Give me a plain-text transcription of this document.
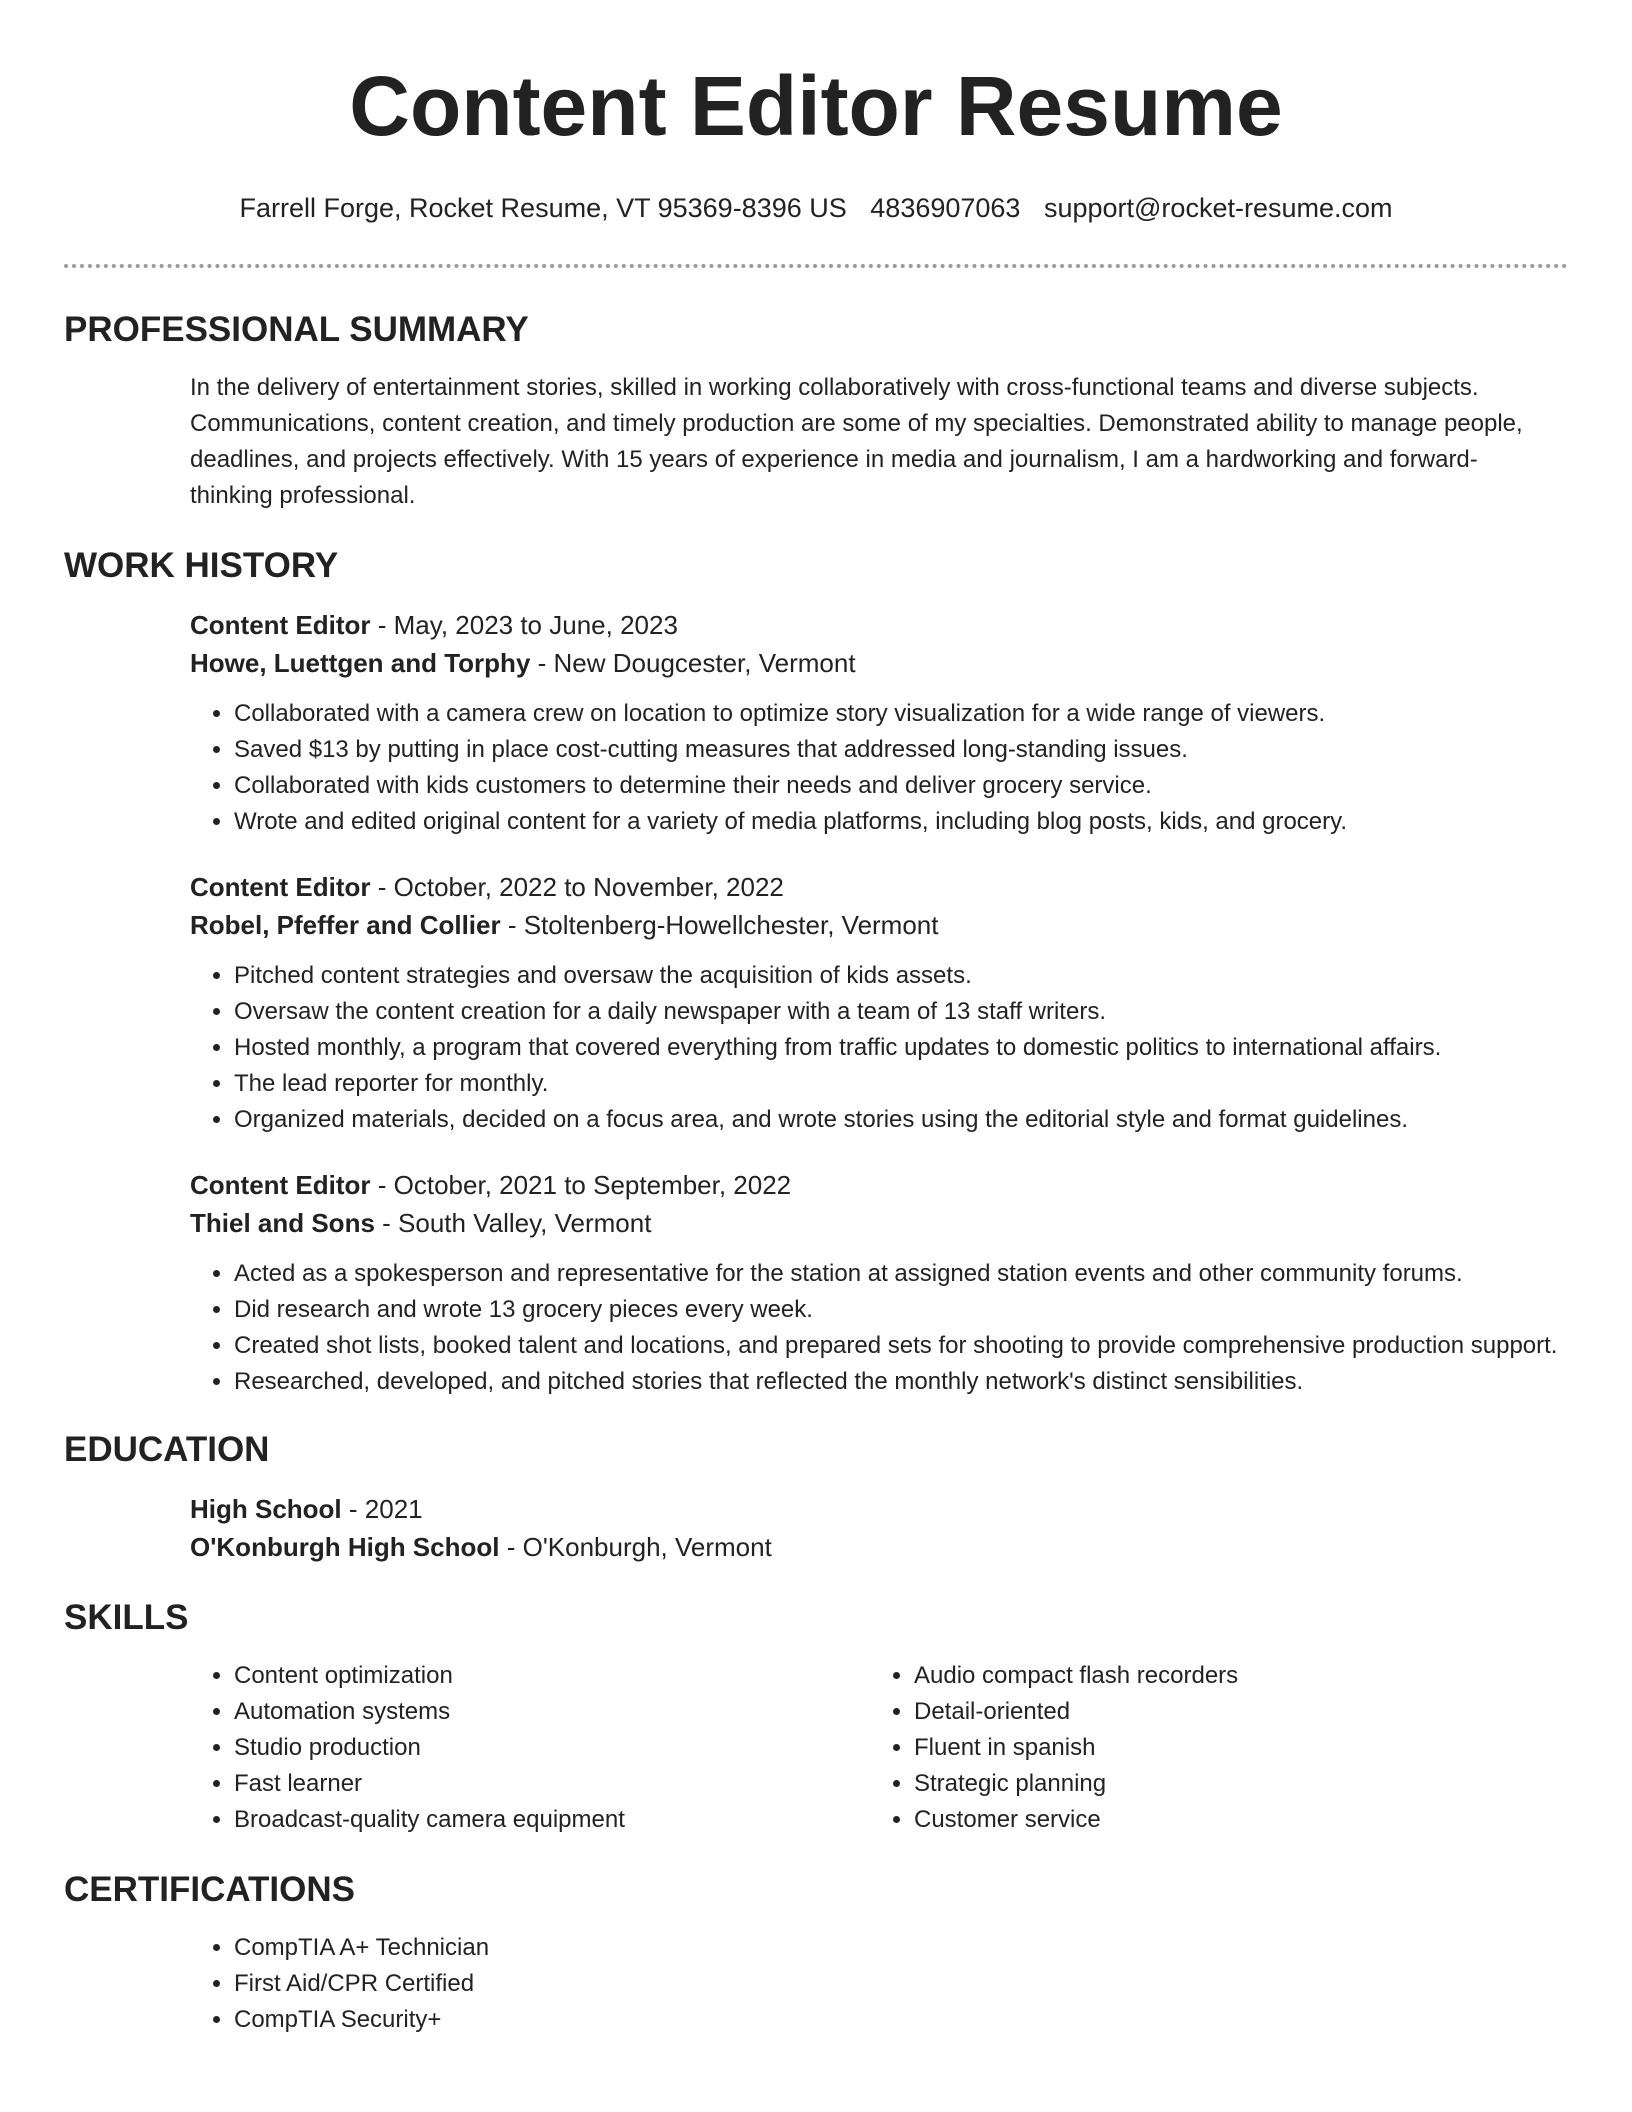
Content Editor Resume
Farrell Forge, Rocket Resume, VT 95369-8396 US 4836907063 support@rocket-resume.com
PROFESSIONAL SUMMARY

In the delivery of entertainment stories, skilled in working collaboratively with cross-functional teams and diverse subjects. Communications, content creation, and timely production are some of my specialties. Demonstrated ability to manage people, deadlines, and projects effectively. With 15 years of experience in media and journalism, I am a hardworking and forward-thinking professional.

WORK HISTORY
Content Editor - May, 2023 to June, 2023
Howe, Luettgen and Torphy - New Dougcester, Vermont
• Collaborated with a camera crew on location to optimize story visualization for a wide range of viewers.
• Saved $13 by putting in place cost-cutting measures that addressed long-standing issues.
• Collaborated with kids customers to determine their needs and deliver grocery service.
• Wrote and edited original content for a variety of media platforms, including blog posts, kids, and grocery.
Content Editor - October, 2022 to November, 2022
Robel, Pfeffer and Collier - Stoltenberg-Howellchester, Vermont
• Pitched content strategies and oversaw the acquisition of kids assets.
• Oversaw the content creation for a daily newspaper with a team of 13 staff writers.
• Hosted monthly, a program that covered everything from traffic updates to domestic politics to international affairs.
• The lead reporter for monthly.
• Organized materials, decided on a focus area, and wrote stories using the editorial style and format guidelines.
Content Editor - October, 2021 to September, 2022
Thiel and Sons - South Valley, Vermont
• Acted as a spokesperson and representative for the station at assigned station events and other community forums.
• Did research and wrote 13 grocery pieces every week.
• Created shot lists, booked talent and locations, and prepared sets for shooting to provide comprehensive production support.
• Researched, developed, and pitched stories that reflected the monthly network's distinct sensibilities.
EDUCATION
High School - 2021
O'Konburgh High School - O'Konburgh, Vermont
SKILLS
• Content optimization
• Automation systems
• Studio production
• Fast learner
• Broadcast-quality camera equipment
• Audio compact flash recorders
• Detail-oriented
• Fluent in spanish
• Strategic planning
• Customer service
CERTIFICATIONS
• CompTIA A+ Technician
• First Aid/CPR Certified
• CompTIA Security+
